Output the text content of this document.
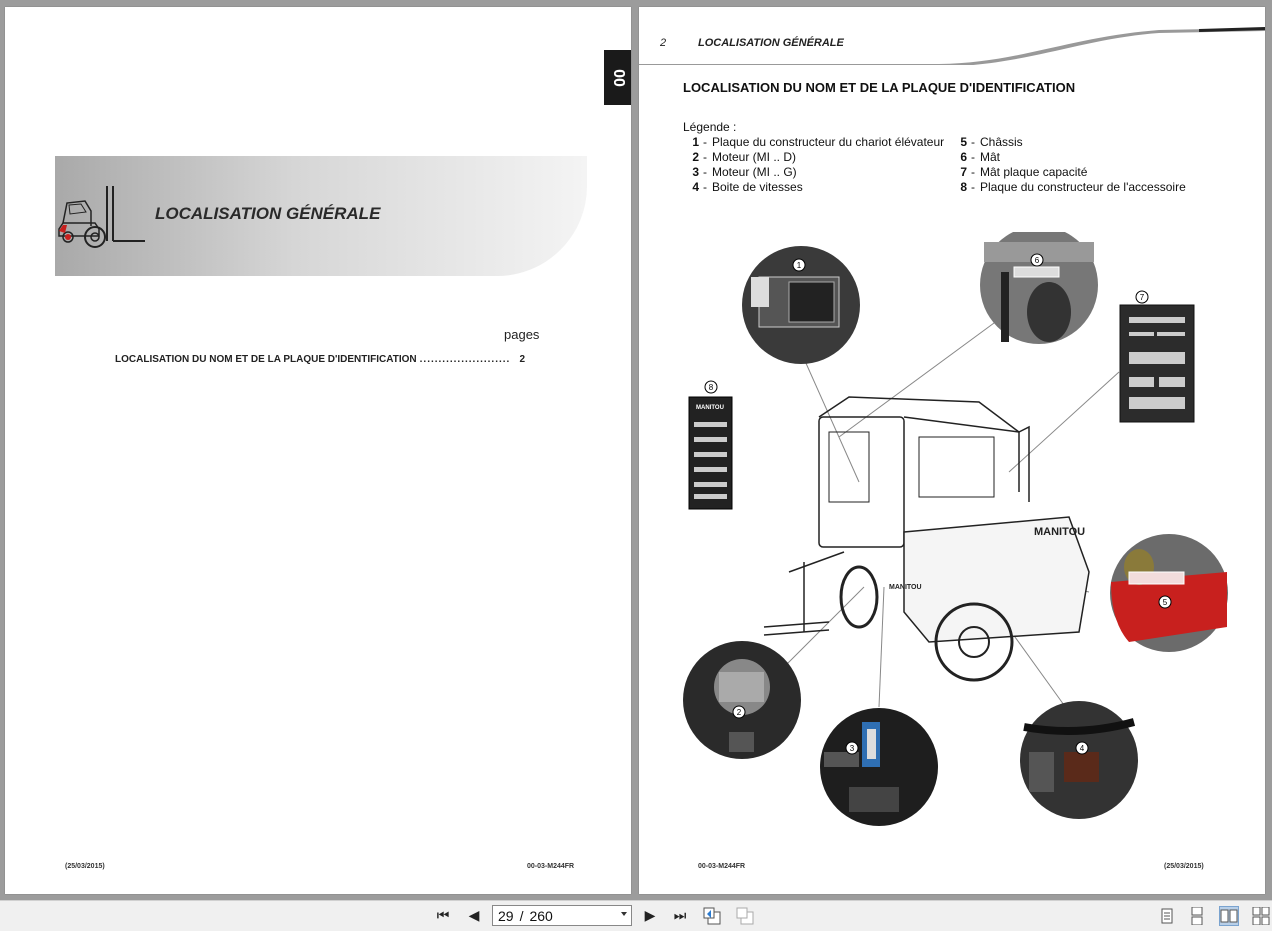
LOCALISATION GÉNÉRALE
pages
LOCALISATION DU NOM ET DE LA PLAQUE D'IDENTIFICATION ........................ 2
(25/03/2015)	00-03-M244FR
00
2	LOCALISATION GÉNÉRALE
LOCALISATION DU NOM ET DE LA PLAQUE D'IDENTIFICATION
Légende :
1 - Plaque du constructeur du chariot élévateur
2 - Moteur (MI .. D)
3 - Moteur (MI .. G)
4 - Boite de vitesses
5 - Châssis
6 - Mât
7 - Mât plaque capacité
8 - Plaque du constructeur de l'accessoire
MANITOU
MANITOU
1
6
7
MANITOU
8
5
2
3	4
00-03-M244FR	(25/03/2015)
⏮	◀	29 / 260	▶	⏭
